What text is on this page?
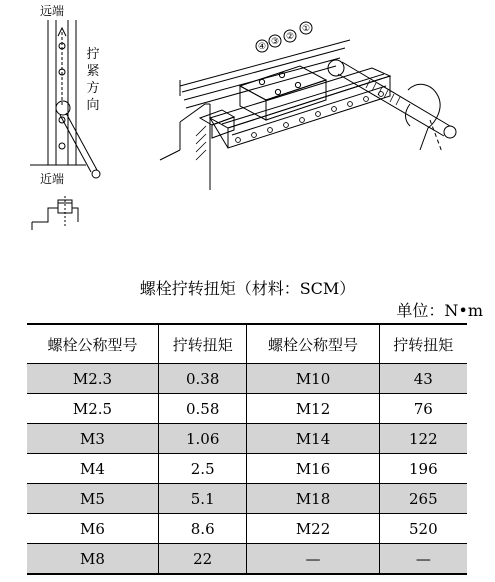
④ ③ ②
①
远端
近端
拧紧方向
螺栓拧转扭矩（材料：SCM）
单位：N•m
螺栓公称型号	拧转扭矩	螺栓公称型号	拧转扭矩
M2.3	0.38	M10	43
M2.5	0.58	M12	76
M3	1.06	M14	122
M4	2.5	M16	196
M5	5.1	M18	265
M6	8.6	M22	520
M8	22	—	—
